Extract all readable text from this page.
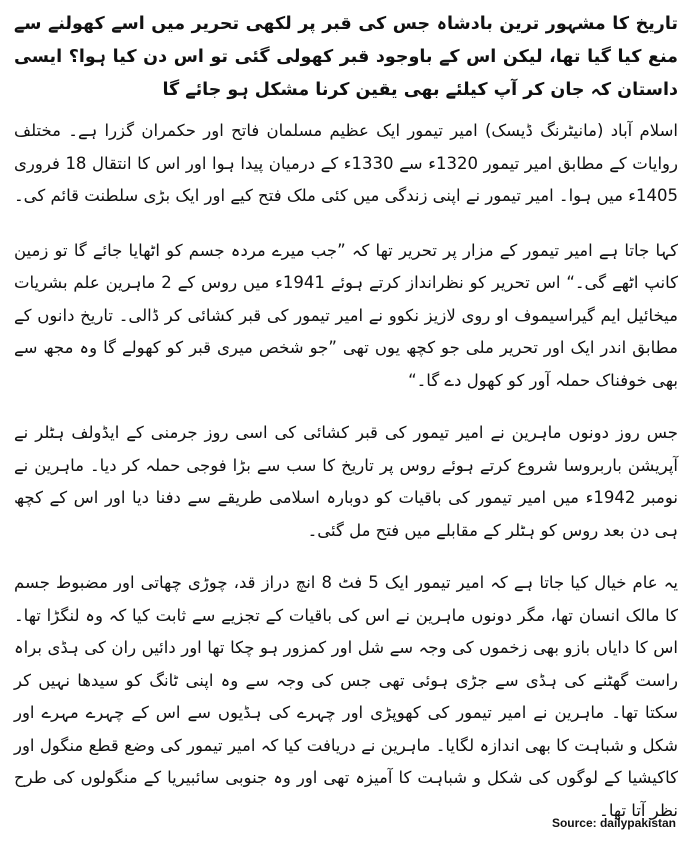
تاریخ کا مشہور ترین بادشاہ جس کی قبر پر لکھی تحریر میں اسے کھولنے سے منع کیا گیا تھا، لیکن اس کے باوجود قبر کھولی گئی تو اس دن کیا ہوا؟ ایسی داستان کہ جان کر آپ کیلئے بھی یقین کرنا مشکل ہو جائے گا

اسلام آباد (مانیٹرنگ ڈیسک) امیر تیمور ایک عظیم مسلمان فاتح اور حکمران گزرا ہے۔ مختلف روایات کے مطابق امیر تیمور 1320ء سے 1330ء کے درمیان پیدا ہوا اور اس کا انتقال 18 فروری 1405ء میں ہوا۔ امیر تیمور نے اپنی زندگی میں کئی ملک فتح کیے اور ایک بڑی سلطنت قائم کی۔

کہا جاتا ہے امیر تیمور کے مزار پر تحریر تھا کہ ”جب میرے مردہ جسم کو اٹھایا جائے گا تو زمین کانپ اٹھے گی۔“ اس تحریر کو نظرانداز کرتے ہوئے 1941ء میں روس کے 2 ماہرین علم بشریات میخائیل ایم گیراسیموف او روی لازیز نکوو نے امیر تیمور کی قبر کشائی کر ڈالی۔ تاریخ دانوں کے مطابق اندر ایک اور تحریر ملی جو کچھ یوں تھی ”جو شخص میری قبر کو کھولے گا وہ مجھ سے بھی خوفناک حملہ آور کو کھول دے گا۔“

جس روز دونوں ماہرین نے امیر تیمور کی قبر کشائی کی اسی روز جرمنی کے ایڈولف ہٹلر نے آپریشن باربروسا شروع کرتے ہوئے روس پر تاریخ کا سب سے بڑا فوجی حملہ کر دیا۔ ماہرین نے نومبر 1942ء میں امیر تیمور کی باقیات کو دوبارہ اسلامی طریقے سے دفنا دیا اور اس کے کچھ ہی دن بعد روس کو ہٹلر کے مقابلے میں فتح مل گئی۔

یہ عام خیال کیا جاتا ہے کہ امیر تیمور ایک 5 فٹ 8 انچ دراز قد، چوڑی چھاتی اور مضبوط جسم کا مالک انسان تھا، مگر دونوں ماہرین نے اس کی باقیات کے تجزیے سے ثابت کیا کہ وہ لنگڑا تھا۔ اس کا دایاں بازو بھی زخموں کی وجہ سے شل اور کمزور ہو چکا تھا اور دائیں ران کی ہڈی براہ راست گھٹنے کی ہڈی سے جڑی ہوئی تھی جس کی وجہ سے وہ اپنی ٹانگ کو سیدھا نہیں کر سکتا تھا۔ ماہرین نے امیر تیمور کی کھوپڑی اور چہرے کی ہڈیوں سے اس کے چہرے مہرے اور شکل و شباہت کا بھی اندازہ لگایا۔ ماہرین نے دریافت کیا کہ امیر تیمور کی وضع قطع منگول اور کاکیشیا کے لوگوں کی شکل و شباہت کا آمیزہ تھی اور وہ جنوبی سائبیریا کے منگولوں کی طرح نظر آتا تھا۔

Source: dailypakistan
